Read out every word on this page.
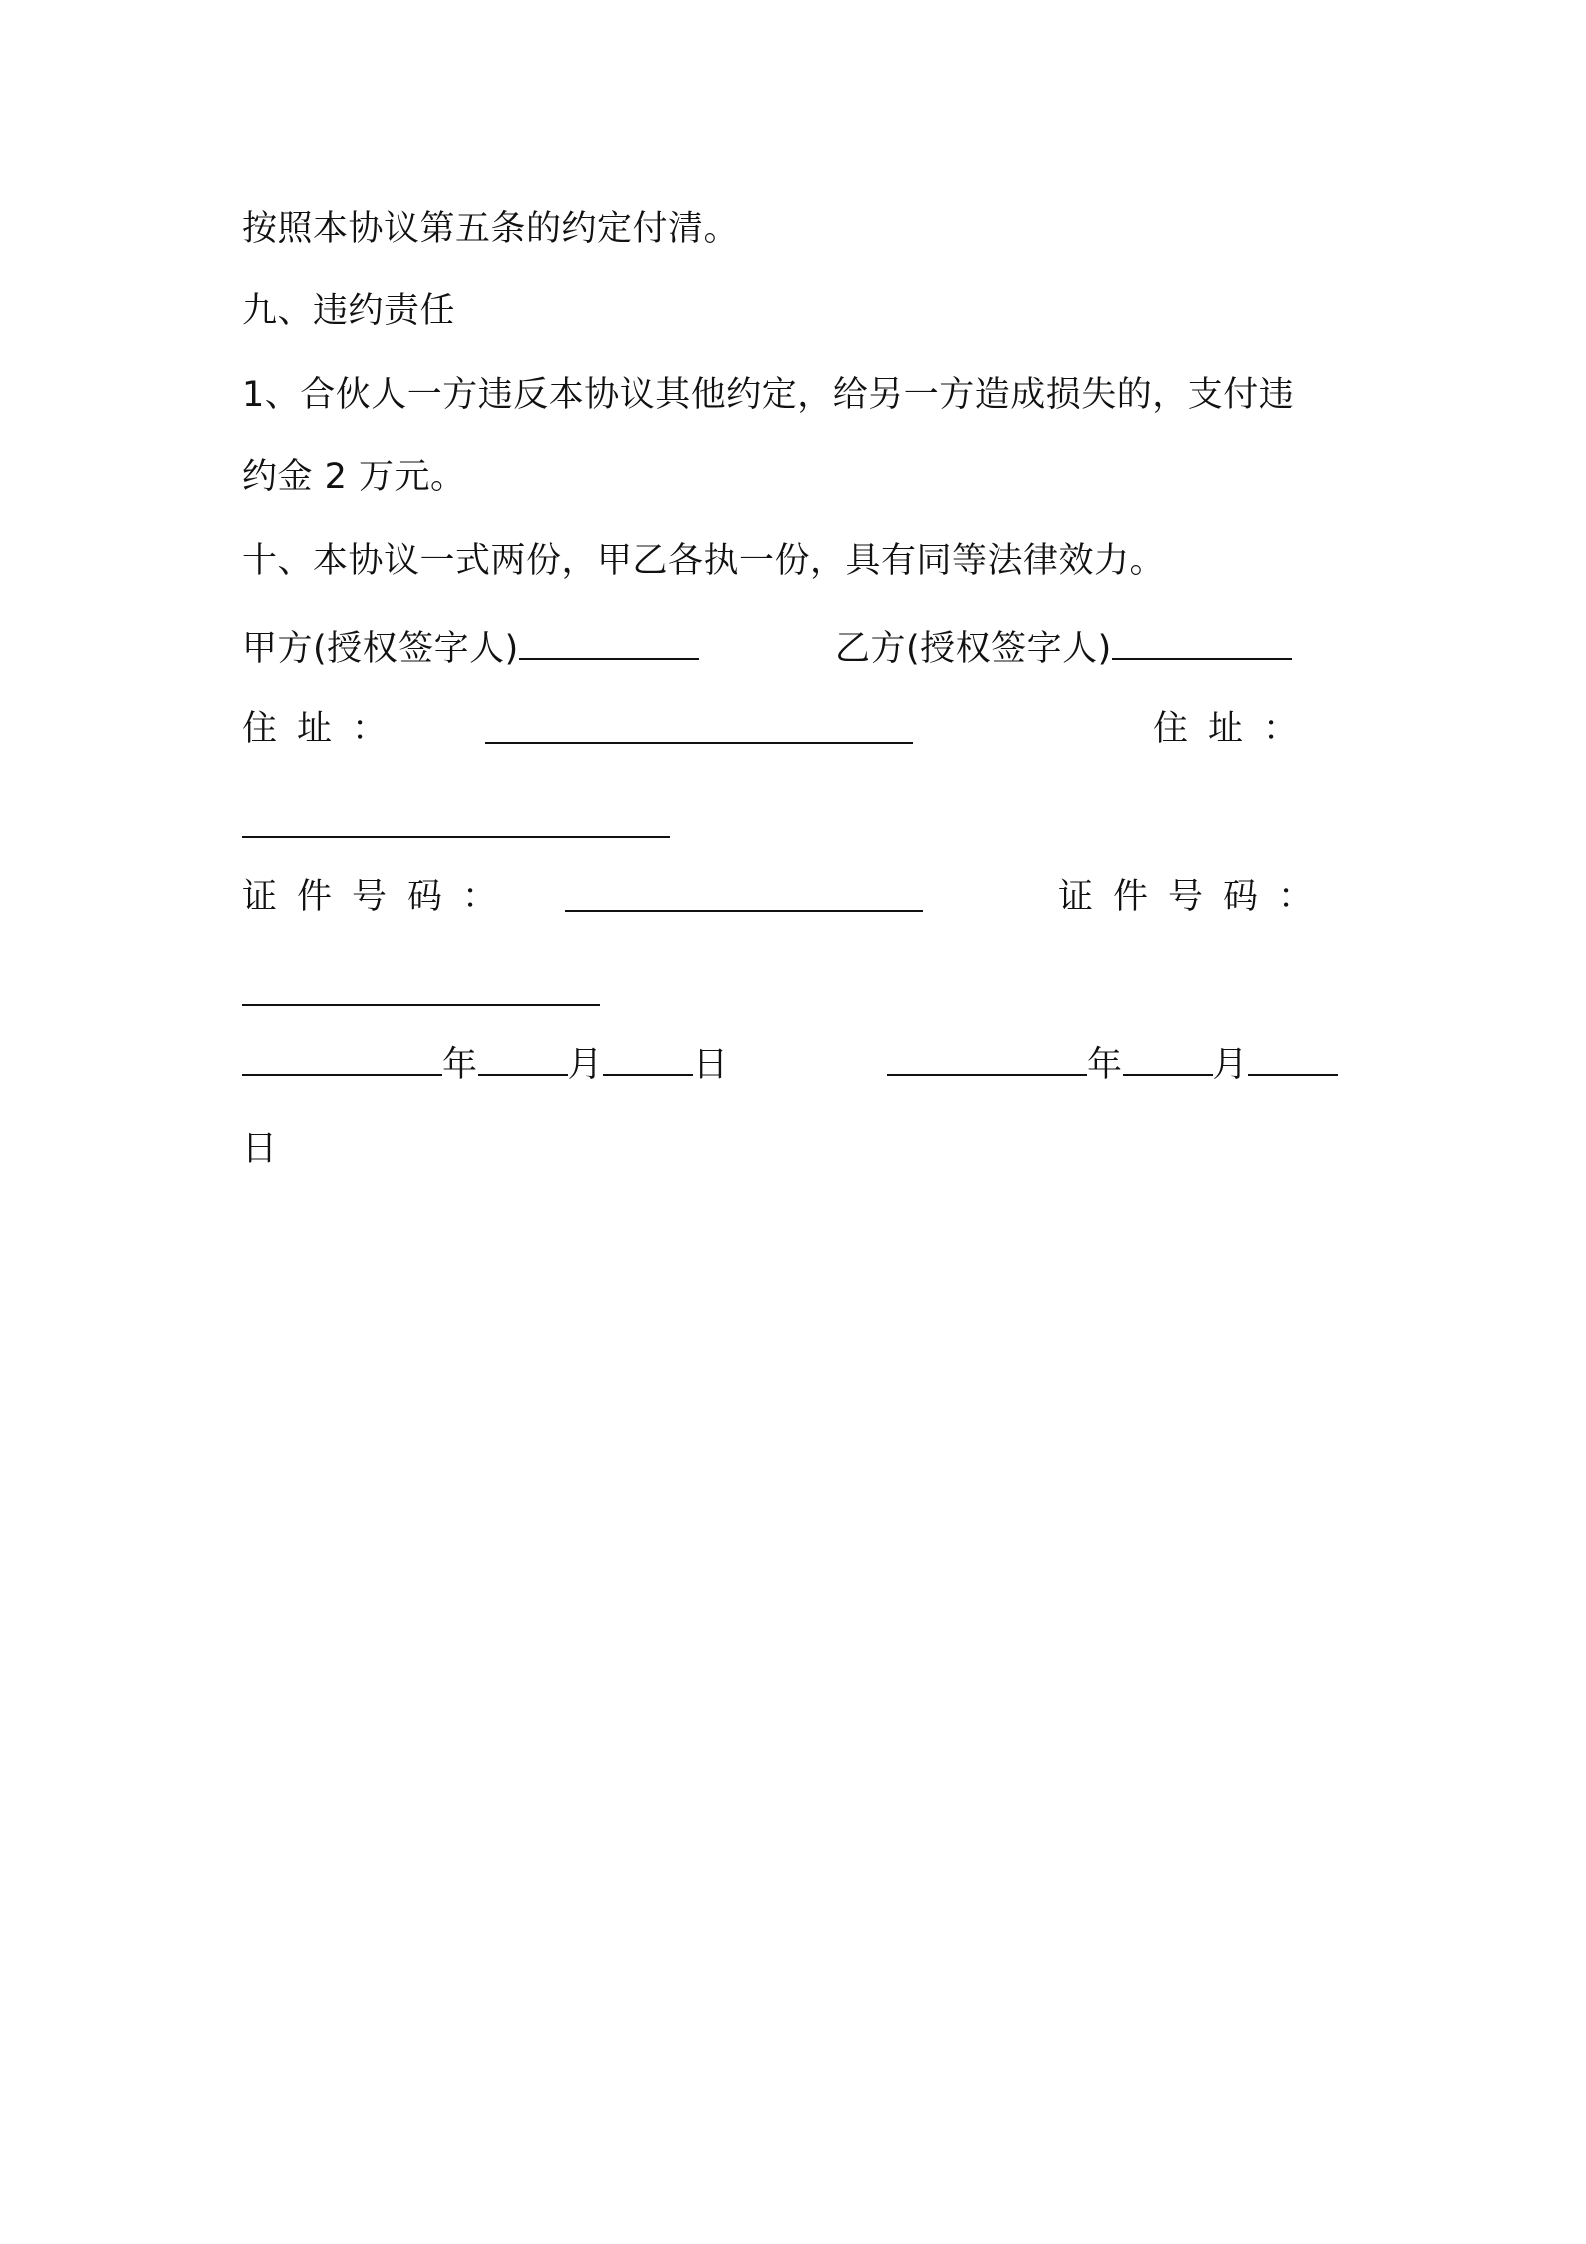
按照本协议第五条的约定付清。
九、违约责任
1、合伙人一方违反本协议其他约定，给另一方造成损失的，支付违
约金 2 万元。
十、本协议一式两份，甲乙各执一份，具有同等法律效力。
甲方(授权签字人)	乙方(授权签字人)
住址：	住址：
证件号码：	证件号码：
年	月	日	年	月
日
